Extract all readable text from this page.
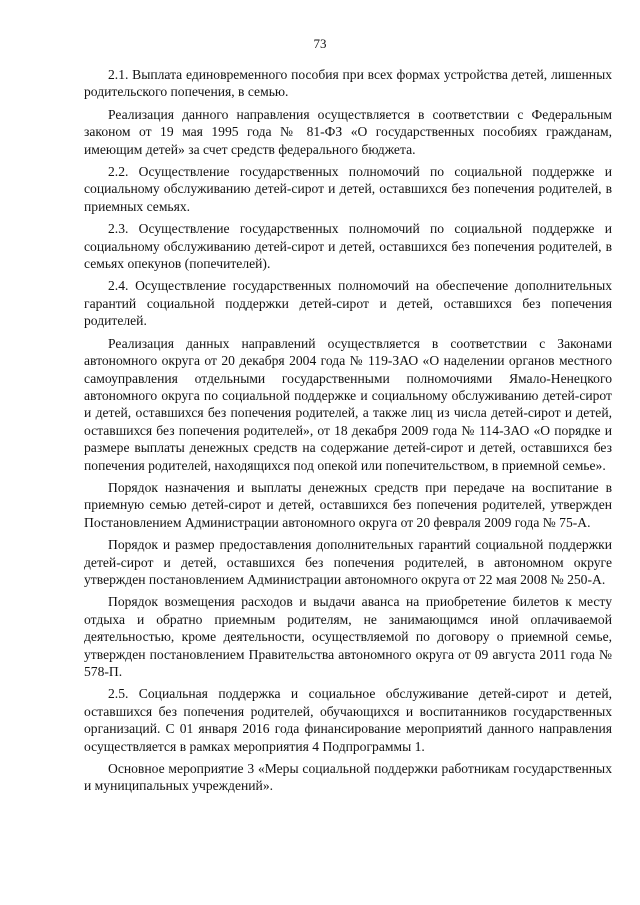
73

2.1. Выплата единовременного пособия при всех формах устройства детей, лишенных родительского попечения, в семью.

Реализация данного направления осуществляется в соответствии с Федеральным законом от 19 мая 1995 года № 81-ФЗ «О государственных пособиях гражданам, имеющим детей» за счет средств федерального бюджета.

2.2. Осуществление государственных полномочий по социальной поддержке и социальному обслуживанию детей-сирот и детей, оставшихся без попечения родителей, в приемных семьях.

2.3. Осуществление государственных полномочий по социальной поддержке и социальному обслуживанию детей-сирот и детей, оставшихся без попечения родителей, в семьях опекунов (попечителей).

2.4. Осуществление государственных полномочий на обеспечение дополнительных гарантий социальной поддержки детей-сирот и детей, оставшихся без попечения родителей.

Реализация данных направлений осуществляется в соответствии с Законами автономного округа от 20 декабря 2004 года № 119-ЗАО «О наделении органов местного самоуправления отдельными государственными полномочиями Ямало-Ненецкого автономного округа по социальной поддержке и социальному обслуживанию детей-сирот и детей, оставшихся без попечения родителей, а также лиц из числа детей-сирот и детей, оставшихся без попечения родителей», от 18 декабря 2009 года № 114-ЗАО «О порядке и размере выплаты денежных средств на содержание детей-сирот и детей, оставшихся без попечения родителей, находящихся под опекой или попечительством, в приемной семье».

Порядок назначения и выплаты денежных средств при передаче на воспитание в приемную семью детей-сирот и детей, оставшихся без попечения родителей, утвержден Постановлением Администрации автономного округа от 20 февраля 2009 года № 75-А.

Порядок и размер предоставления дополнительных гарантий социальной поддержки детей-сирот и детей, оставшихся без попечения родителей, в автономном округе утвержден постановлением Администрации автономного округа от 22 мая 2008 № 250-А.

Порядок возмещения расходов и выдачи аванса на приобретение билетов к месту отдыха и обратно приемным родителям, не занимающимся иной оплачиваемой деятельностью, кроме деятельности, осуществляемой по договору о приемной семье, утвержден постановлением Правительства автономного округа от 09 августа 2011 года № 578-П.

2.5. Социальная поддержка и социальное обслуживание детей-сирот и детей, оставшихся без попечения родителей, обучающихся и воспитанников государственных организаций. С 01 января 2016 года финансирование мероприятий данного направления осуществляется в рамках мероприятия 4 Подпрограммы 1.

Основное мероприятие 3 «Меры социальной поддержки работникам государственных и муниципальных учреждений».
